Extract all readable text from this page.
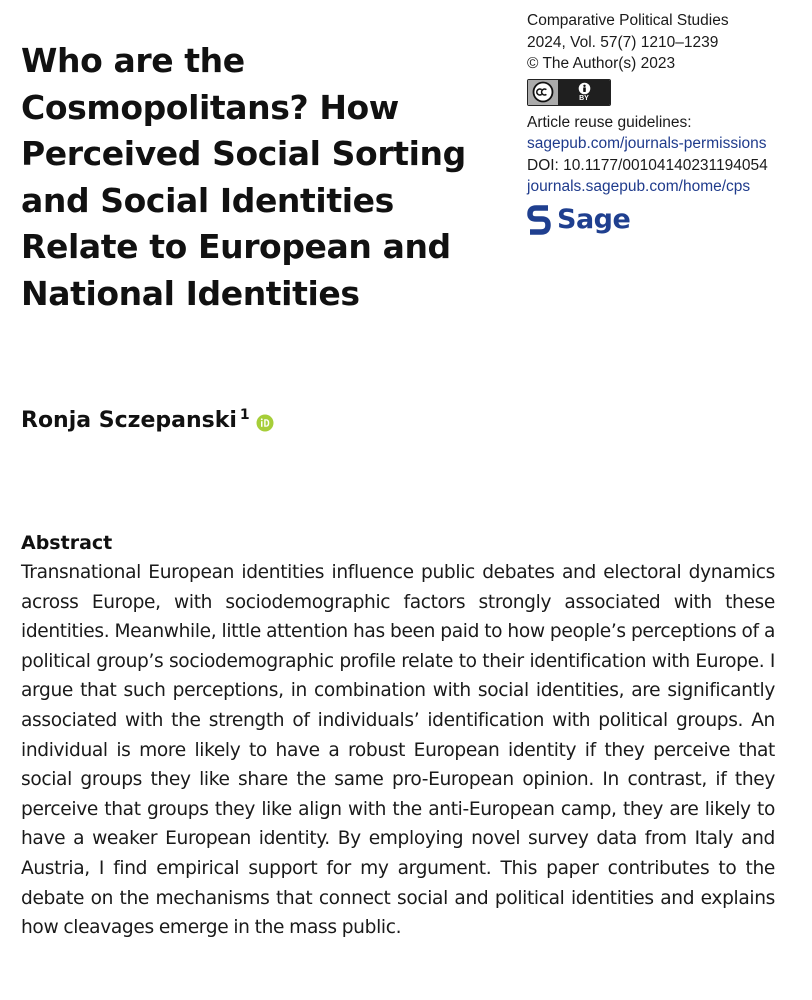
Who are the Cosmopolitans? How Perceived Social Sorting and Social Identities Relate to European and National Identities
Comparative Political Studies
2024, Vol. 57(7) 1210–1239
© The Author(s) 2023
BY
Article reuse guidelines:
sagepub.com/journals-permissions
DOI: 10.1177/00104140231194054
journals.sagepub.com/home/cps
Sage
Ronja Sczepanski 1
Abstract

Transnational European identities influence public debates and electoral dynamics across Europe, with sociodemographic factors strongly associated with these identities. Meanwhile, little attention has been paid to how people’s perceptions of a political group’s sociodemographic profile relate to their identification with Europe. I argue that such perceptions, in combination with social identities, are significantly associated with the strength of individuals’ identification with political groups. An individual is more likely to have a robust European identity if they perceive that social groups they like share the same pro-European opinion. In contrast, if they perceive that groups they like align with the anti-European camp, they are likely to have a weaker European identity. By employing novel survey data from Italy and Austria, I find empirical support for my argument. This paper contributes to the debate on the mechanisms that connect social and political identities and explains how cleavages emerge in the mass public.
